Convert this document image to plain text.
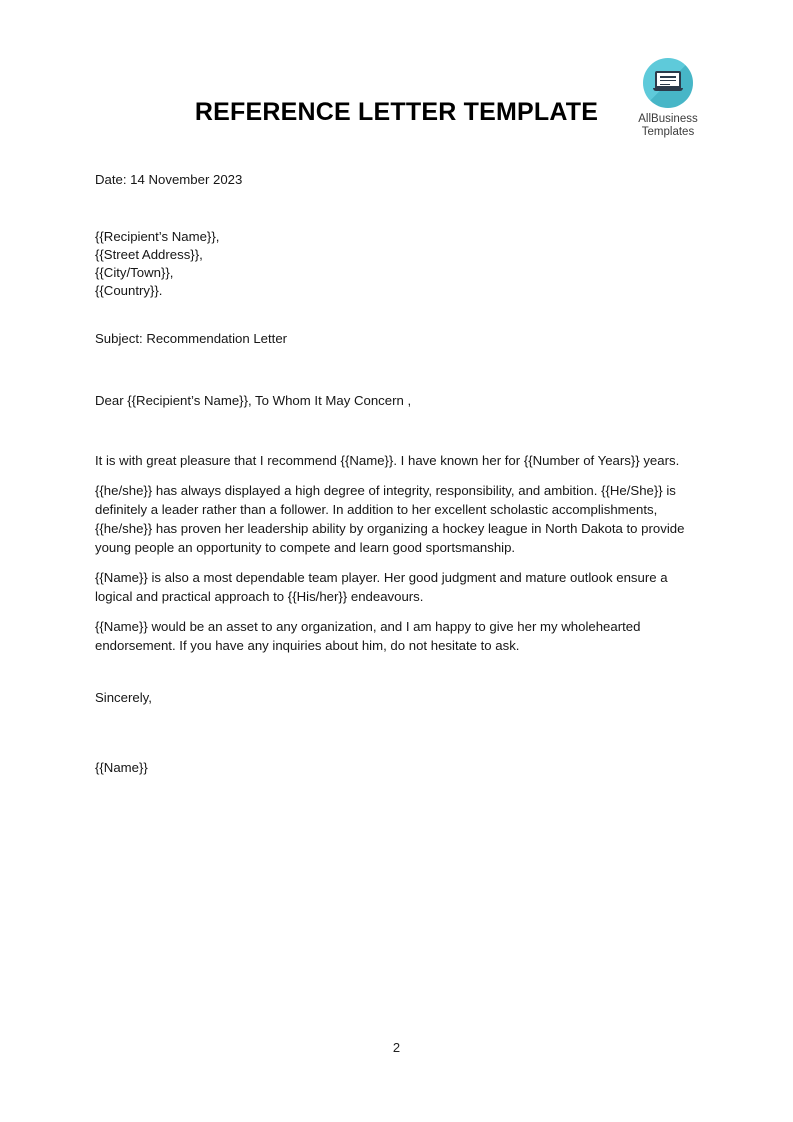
AllBusiness
Templates
REFERENCE LETTER TEMPLATE

Date: 14 November 2023

{{Recipient’s Name}},
{{Street Address}},
{{City/Town}},
{{Country}}.

Subject: Recommendation Letter

Dear {{Recipient’s Name}}, To Whom It May Concern ,

It is with great pleasure that I recommend {{Name}}. I have known her for {{Number of Years}} years.

{{he/she}} has always displayed a high degree of integrity, responsibility, and ambition. {{He/She}} is definitely a leader rather than a follower. In addition to her excellent scholastic accomplishments, {{he/she}} has proven her leadership ability by organizing a hockey league in North Dakota to provide young people an opportunity to compete and learn good sportsmanship.

{{Name}} is also a most dependable team player. Her good judgment and mature outlook ensure a logical and practical approach to {{His/her}} endeavours.

{{Name}} would be an asset to any organization, and I am happy to give her my wholehearted endorsement. If you have any inquiries about him, do not hesitate to ask.

Sincerely,

{{Name}}

2
